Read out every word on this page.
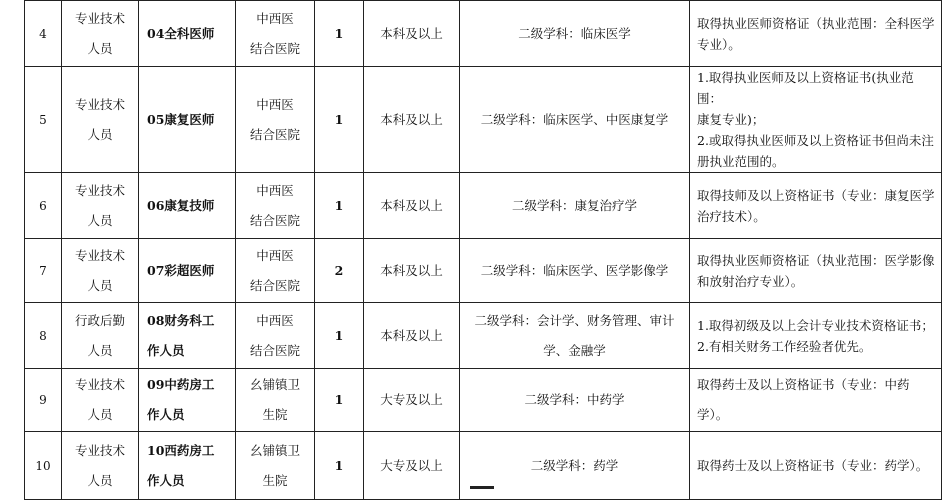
4	专业技术
人员	04全科医师	中西医
结合医院	1	本科及以上	二级学科：临床医学	取得执业医师资格证（执业范围：全科医学
专业）。

5	专业技术
人员	05康复医师	中西医
结合医院	1	本科及以上	二级学科：临床医学、中医康复学	1.取得执业医师及以上资格证书(执业范围：
康复专业)；
2.或取得执业医师及以上资格证书但尚未注
册执业范围的。

6	专业技术
人员	06康复技师	中西医
结合医院	1	本科及以上	二级学科：康复治疗学	取得技师及以上资格证书（专业：康复医学
治疗技术）。

7	专业技术
人员	07彩超医师	中西医
结合医院	2	本科及以上	二级学科：临床医学、医学影像学	取得执业医师资格证（执业范围：医学影像
和放射治疗专业）。

8	行政后勤
人员	08财务科工
作人员	中西医
结合医院	1	本科及以上	二级学科：会计学、财务管理、审计
学、金融学	1.取得初级及以上会计专业技术资格证书；
2.有相关财务工作经验者优先。

9	专业技术
人员	09中药房工
作人员	幺铺镇卫
生院	1	大专及以上	二级学科：中药学	取得药士及以上资格证书（专业：中药学）。

10	专业技术
人员	10西药房工
作人员	幺铺镇卫
生院	1	大专及以上	二级学科：药学	取得药士及以上资格证书（专业：药学）。
